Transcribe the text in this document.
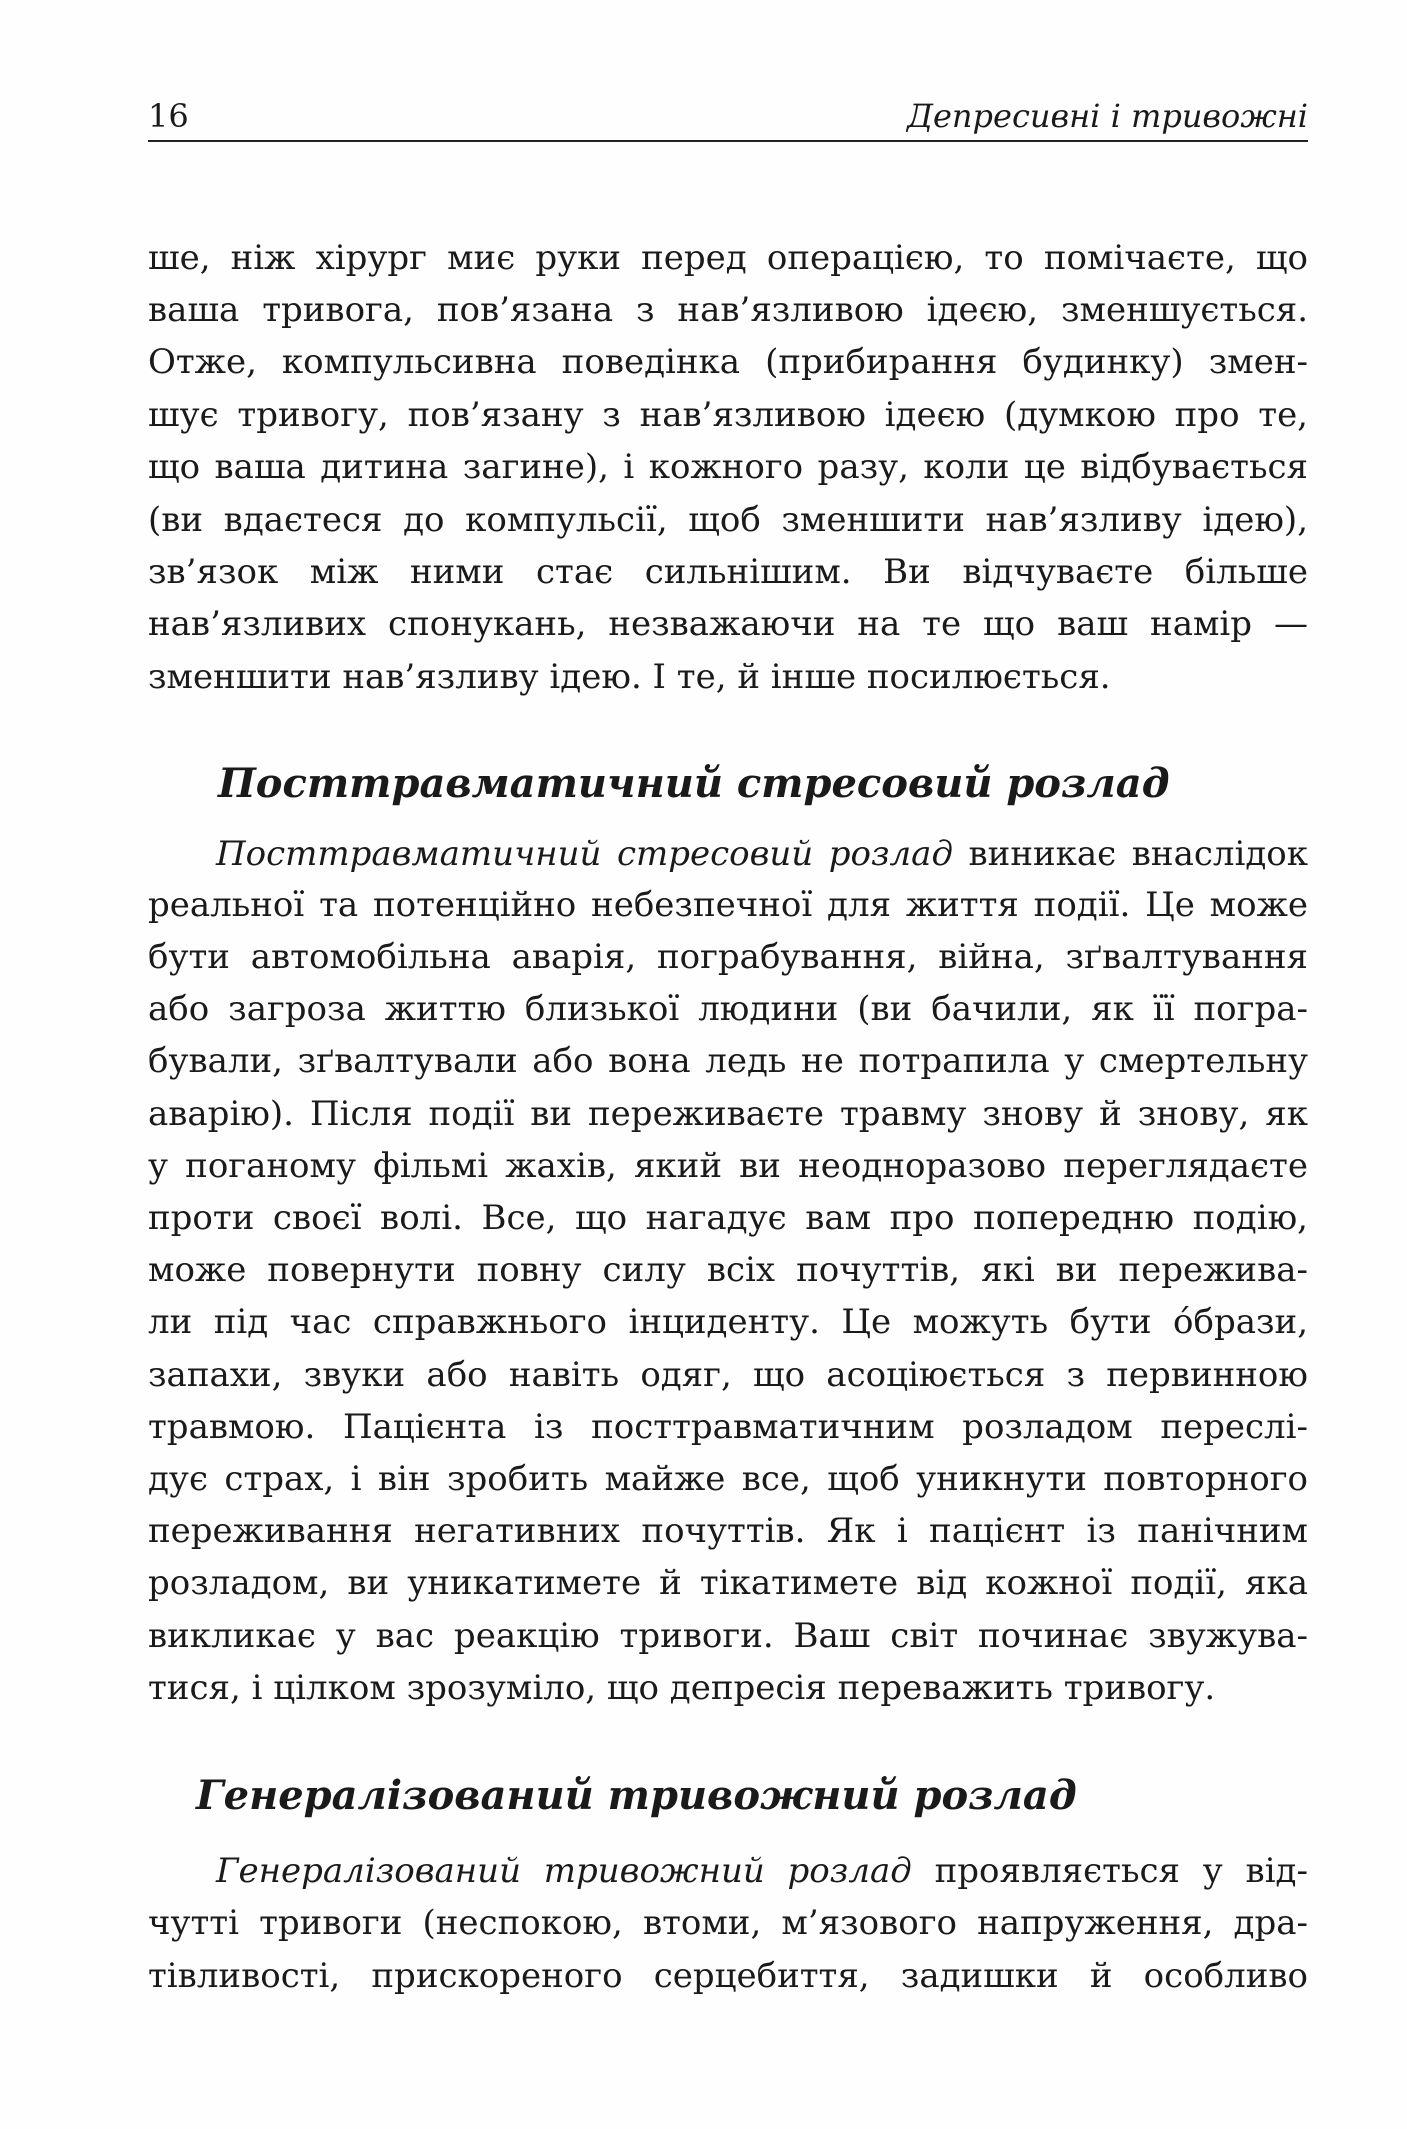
16	Депресивні і тривожні
ше, ніж хірург миє руки перед операцією, то помічаєте, що
ваша тривога, пов’язана з нав’язливою ідеєю, зменшується.
Отже, компульсивна поведінка (прибирання будинку) змен-
шує тривогу, пов’язану з нав’язливою ідеєю (думкою про те,
що ваша дитина загине), і кожного разу, коли це відбувається
(ви вдаєтеся до компульсії, щоб зменшити нав’язливу ідею),
зв’язок між ними стає сильнішим. Ви відчуваєте більше
нав’язливих спонукань, незважаючи на те що ваш намір —
зменшити нав’язливу ідею. І те, й інше посилюється.
Посттравматичний стресовий розлад
Посттравматичний стресовий розлад виникає внаслідок
реальної та потенційно небезпечної для життя події. Це може
бути автомобільна аварія, пограбування, війна, зґвалтування
або загроза життю близької людини (ви бачили, як її погра-
бували, зґвалтували або вона ледь не потрапила у смертельну
аварію). Після події ви переживаєте травму знову й знову, як
у поганому фільмі жахів, який ви неодноразово переглядаєте
проти своєї волі. Все, що нагадує вам про попередню подію,
може повернути повну силу всіх почуттів, які ви пережива-
ли під час справжнього інциденту. Це можуть бути óбрази,
запахи, звуки або навіть одяг, що асоціюється з первинною
травмою. Пацієнта із посттравматичним розладом переслі-
дує страх, і він зробить майже все, щоб уникнути повторного
переживання негативних почуттів. Як і пацієнт із панічним
розладом, ви уникатимете й тікатимете від кожної події, яка
викликає у вас реакцію тривоги. Ваш світ починає звужува-
тися, і цілком зрозуміло, що депресія переважить тривогу.
Генералізований тривожний розлад
Генералізований тривожний розлад проявляється у від-
чутті тривоги (неспокою, втоми, м’язового напруження, дра-
тівливості, прискореного серцебиття, задишки й особливо
